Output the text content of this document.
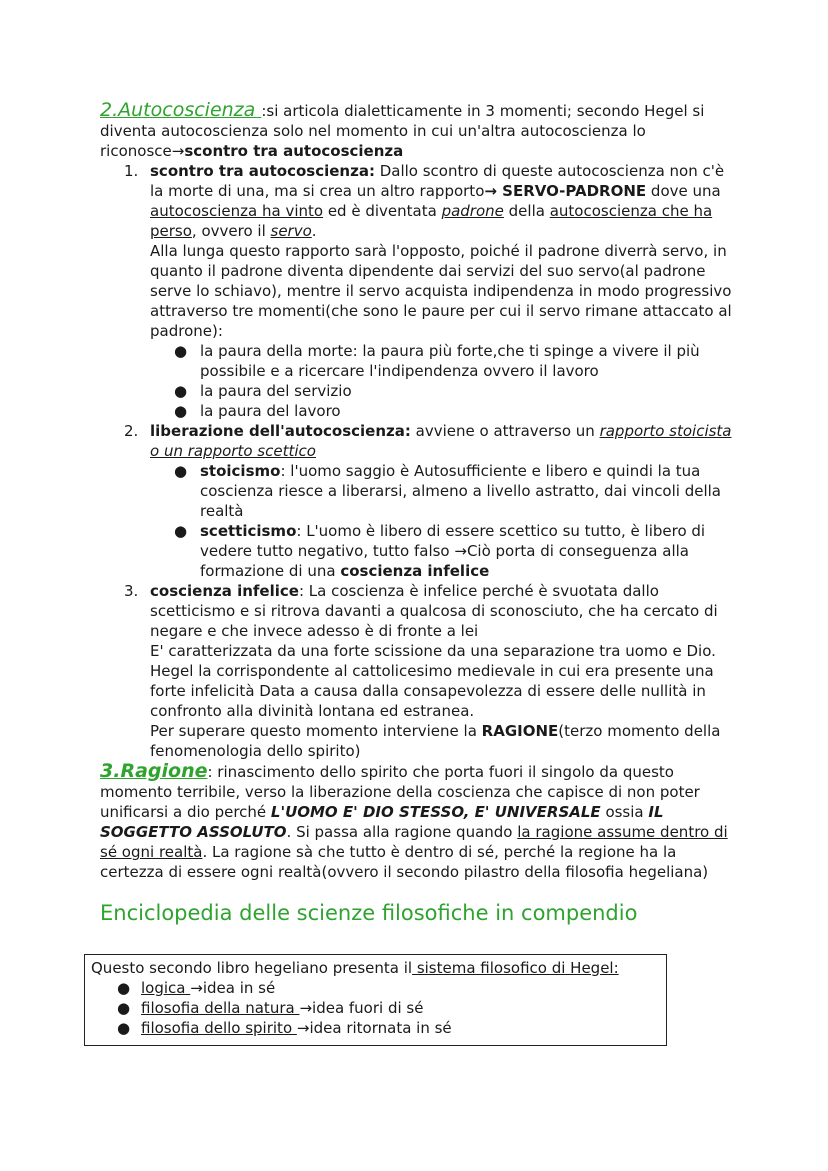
2.Autocoscienza :si articola dialetticamente in 3 momenti; secondo Hegel si diventa autocoscienza solo nel momento in cui un'altra autocoscienza lo riconosce→scontro tra autocoscienza

1. scontro tra autocoscienza: Dallo scontro di queste autocoscienza non c'è la morte di una, ma si crea un altro rapporto→ SERVO-PADRONE dove una autocoscienza ha vinto ed è diventata padrone della autocoscienza che ha perso, ovvero il servo.

Alla lunga questo rapporto sarà l'opposto, poiché il padrone diverrà servo, in quanto il padrone diventa dipendente dai servizi del suo servo(al padrone serve lo schiavo), mentre il servo acquista indipendenza in modo progressivo attraverso tre momenti(che sono le paure per cui il servo rimane attaccato al padrone):

● la paura della morte: la paura più forte,che ti spinge a vivere il più possibile e a ricercare l'indipendenza ovvero il lavoro
● la paura del servizio
● la paura del lavoro
2. liberazione dell'autocoscienza: avviene o attraverso un rapporto stoicista o un rapporto scettico

● stoicismo: l'uomo saggio è Autosufficiente e libero e quindi la tua coscienza riesce a liberarsi, almeno a livello astratto, dai vincoli della realtà
● scetticismo: L'uomo è libero di essere scettico su tutto, è libero di vedere tutto negativo, tutto falso →Ciò porta di conseguenza alla formazione di una coscienza infelice
3. coscienza infelice: La coscienza è infelice perché è svuotata dallo scetticismo e si ritrova davanti a qualcosa di sconosciuto, che ha cercato di negare e che invece adesso è di fronte a lei

E' caratterizzata da una forte scissione da una separazione tra uomo e Dio. Hegel la corrispondente al cattolicesimo medievale in cui era presente una forte infelicità Data a causa dalla consapevolezza di essere delle nullità in confronto alla divinità lontana ed estranea.

Per superare questo momento interviene la RAGIONE(terzo momento della fenomenologia dello spirito)

3.Ragione: rinascimento dello spirito che porta fuori il singolo da questo momento terribile, verso la liberazione della coscienza che capisce di non poter unificarsi a dio perché L'UOMO E' DIO STESSO, E' UNIVERSALE ossia IL SOGGETTO ASSOLUTO. Si passa alla ragione quando la ragione assume dentro di sé ogni realtà. La ragione sà che tutto è dentro di sé, perché la regione ha la certezza di essere ogni realtà(ovvero il secondo pilastro della filosofia hegeliana)

Enciclopedia delle scienze filosofiche in compendio

Questo secondo libro hegeliano presenta il sistema filosofico di Hegel:

● logica →idea in sé
● filosofia della natura →idea fuori di sé
● filosofia dello spirito →idea ritornata in sé
